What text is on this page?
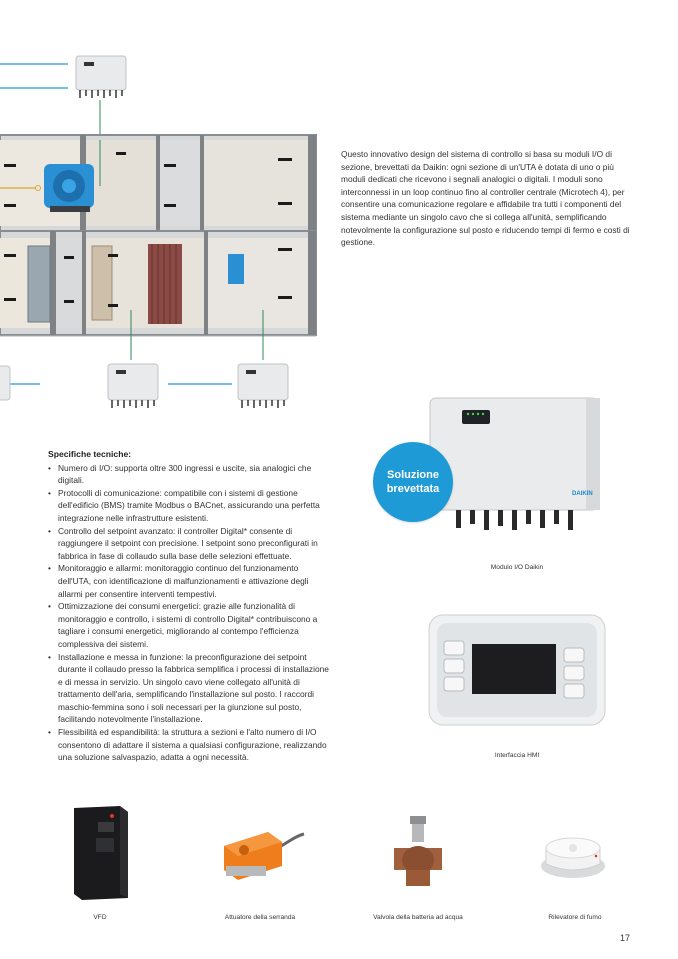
Questo innovativo design del sistema di controllo si basa su moduli I/O di sezione, brevettati da Daikin: ogni sezione di un'UTA è dotata di uno o più moduli dedicati che ricevono i segnali analogici o digitali. I moduli sono interconnessi in un loop continuo fino al controller centrale (Microtech 4), per consentire una comunicazione regolare e affidabile tra tutti i componenti del sistema mediante un singolo cavo che si collega all'unità, semplificando notevolmente la configurazione sul posto e riducendo tempi di fermo e costi di gestione.
DAIKIN
Soluzione
brevettata
Modulo I/O Daikin
Interfaccia HMI
Specifiche tecniche:
• Numero di I/O: supporta oltre 300 ingressi e uscite, sia analogici che digitali.
• Protocolli di comunicazione: compatibile con i sistemi di gestione dell'edificio (BMS) tramite Modbus o BACnet, assicurando una perfetta integrazione nelle infrastrutture esistenti.
• Controllo del setpoint avanzato: il controller Digital* consente di raggiungere il setpoint con precisione. I setpoint sono preconfigurati in fabbrica in fase di collaudo sulla base delle selezioni effettuate.
• Monitoraggio e allarmi: monitoraggio continuo del funzionamento dell'UTA, con identificazione di malfunzionamenti e attivazione degli allarmi per consentire interventi tempestivi.
• Ottimizzazione dei consumi energetici: grazie alle funzionalità di monitoraggio e controllo, i sistemi di controllo Digital* contribuiscono a tagliare i consumi energetici, migliorando al contempo l'efficienza complessiva dei sistemi.
• Installazione e messa in funzione: la preconfigurazione dei setpoint durante il collaudo presso la fabbrica semplifica i processi di installazione e di messa in servizio. Un singolo cavo viene collegato all'unità di trattamento dell'aria, semplificando l'installazione sul posto. I raccordi maschio-femmina sono i soli necessari per la giunzione sul posto, facilitando notevolmente l'installazione.
• Flessibilità ed espandibilità: la struttura a sezioni e l'alto numero di I/O consentono di adattare il sistema a qualsiasi configurazione, realizzando una soluzione salvaspazio, adatta a ogni necessità.
VFD	Attuatore della serranda	Valvola della batteria ad acqua	Rilevatore di fumo
17
